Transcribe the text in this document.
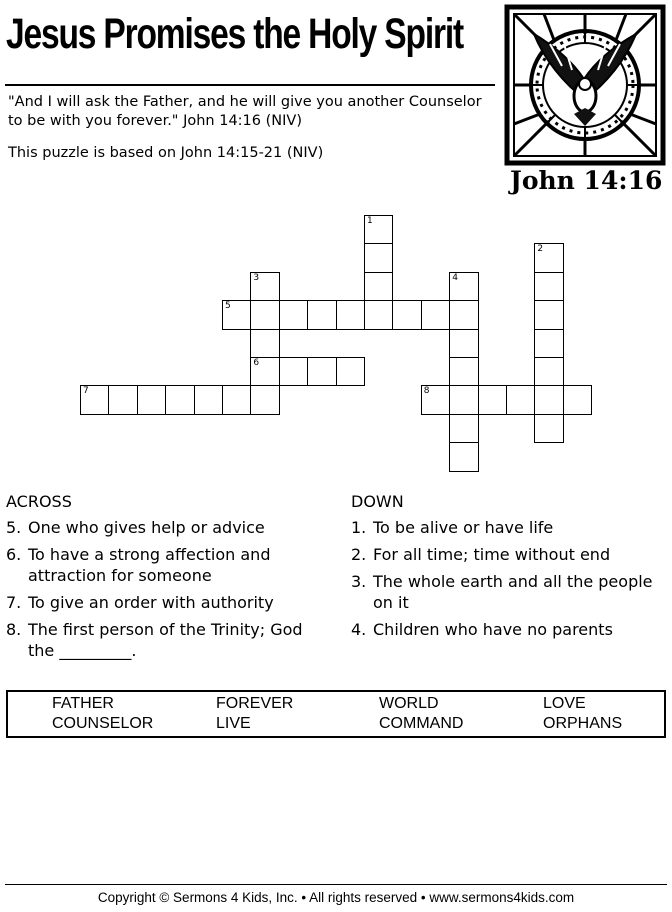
Jesus Promises the Holy Spirit
"And I will ask the Father, and he will give you another Counselor to be with you forever." John 14:16 (NIV)
This puzzle is based on John 14:15-21 (NIV)
John 14:16
1
2
3
6
4
5
7	8
ACROSS
5. One who gives help or advice
6. To have a strong affection and attraction for someone
7. To give an order with authority
8. The first person of the Trinity; God the _________.
DOWN
1. To be alive or have life
2. For all time; time without end
3. The whole earth and all the people on it
4. Children who have no parents
FATHER	FOREVER	WORLD	LOVE
COUNSELOR	LIVE	COMMAND	ORPHANS
Copyright © Sermons 4 Kids, Inc. • All rights reserved • www.sermons4kids.com
